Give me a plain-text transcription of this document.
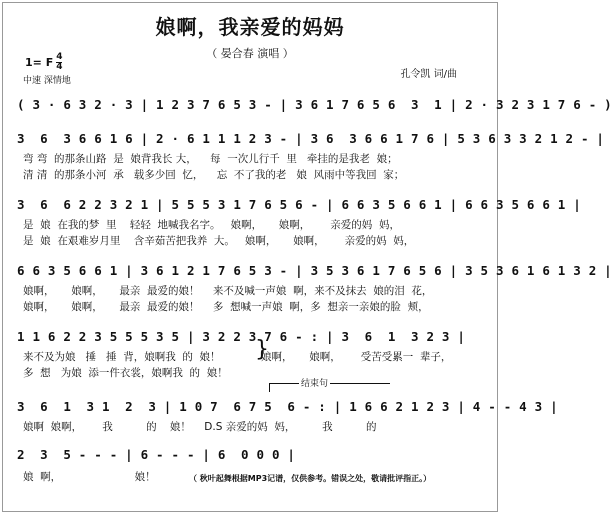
娘啊，我亲爱的妈妈
（ 晏合春 演唱 ）
1= F $\frac{4}{4}$
中速 深情地
孔令凯 词/曲
( 3 · 6 3 2 · 3 | 1 2 3 7 6 5 3 - | 3 6 1 7 6 5 6  3  1 | 2 · 3 2 3 1 7 6 - )
3  6  3 6 6 1 6 | 2 · 6 1 1 1 2 3 - | 3 6  3 6 6 1 7 6 | 5 3 6 3 3 2 1 2 - |
弯 弯  的那条山路  是  娘背我长 大，    每  一次儿行千  里   牵挂的是我老  娘；
清 清  的那条小河  承   载多少回  忆，    忘  不了我的老   娘  风雨中等我回  家；
3  6  6 2 2 3 2 1 | 5 5 5 3 1 7 6 5 6 - | 6 6 3 5 6 6 1 | 6 6 3 5 6 6 1 |
是  娘  在我的梦  里    轻轻  地喊我名字。   娘啊，     娘啊，      亲爱的妈  妈，
是  娘  在艰难岁月里    含辛茹苦把我养  大。   娘啊，     娘啊，      亲爱的妈  妈，
6 6 3 5 6 6 1 | 3 6 1 2 1 7 6 5 3 - | 3 5 3 6 1 7 6 5 6 | 3 5 3 6 1 6 1 3 2 |
娘啊，     娘啊，     最亲  最爱的娘！    来不及喊一声娘  啊，来不及抹去  娘的泪  花，
娘啊，     娘啊，     最亲  最爱的娘！    多  想喊一声娘  啊，多  想亲一亲娘的脸  颊，
1 1 6 2 2 3 5 5 5 3 5 | 3 2 2 3 7 6 - : | 3  6  1  3 2 3 |
来不及为娘   捶   捶  背，娘啊我  的  娘！
多  想   为娘  添一件衣裳，娘啊我  的  娘！
}
娘啊，     娘啊，      受苦受累一  辈子，
结束句
3  6  1  3 1  2  3 | 1 0 7  6 7 5  6 - : | 1 6 6 2 1 2 3 | 4 - - 4 3 |
娘啊  娘啊，      我          的    娘！    D.S 亲爱的妈  妈，        我          的
2  3  5 - - - | 6 - - - | 6  0 0 0 |
娘  啊，                      娘！	（ 秋叶起舞根据MP3记谱，仅供参考。错误之处，敬请批评指正。）
